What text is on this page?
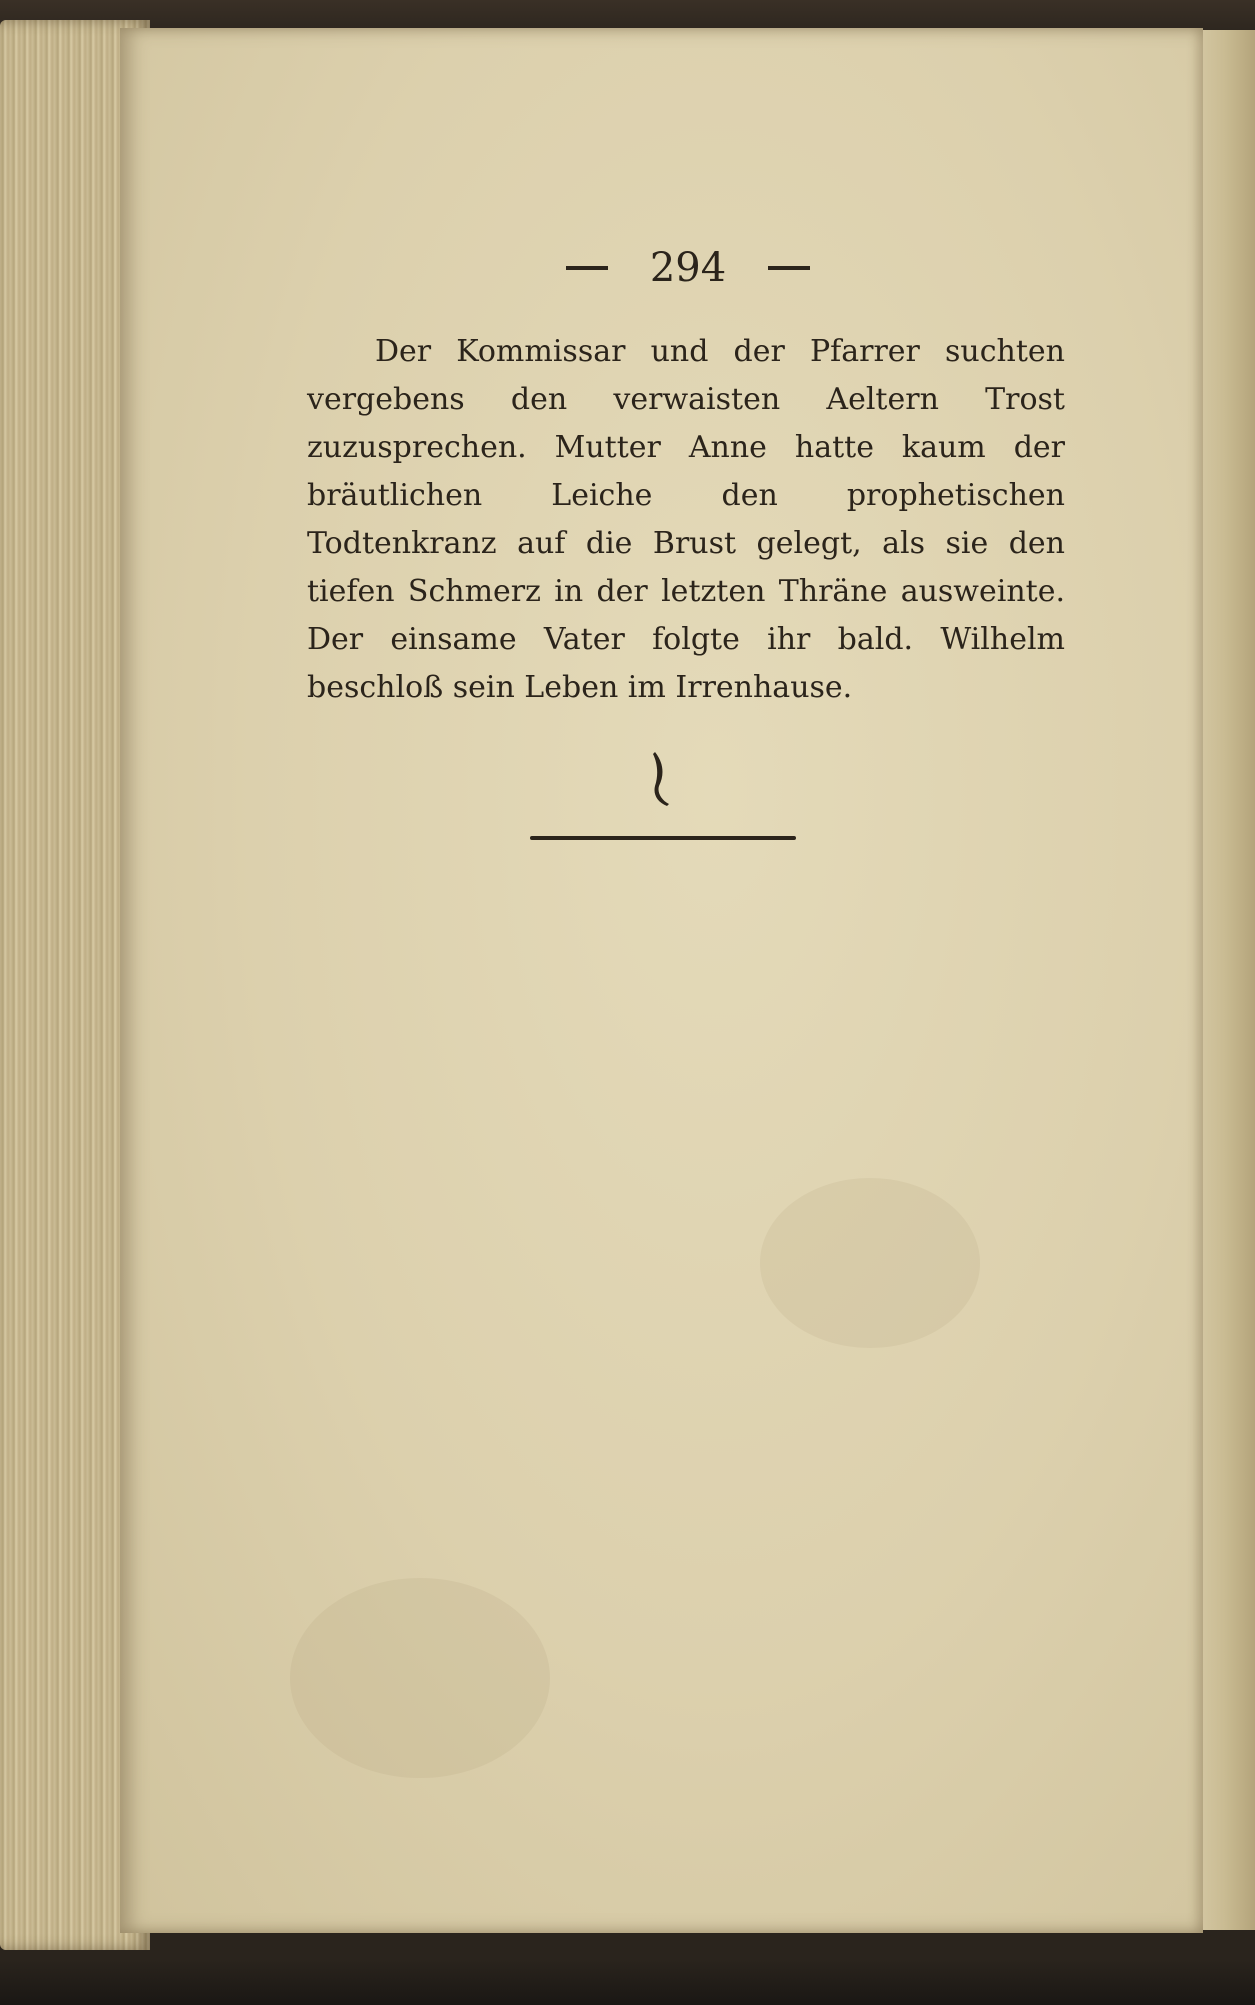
294
Der Kommissar und der Pfarrer suchten vergebens den verwaisten Aeltern Trost zuzusprechen. Mutter Anne hatte kaum der bräutlichen Leiche den prophetischen Todtenkranz auf die Brust gelegt, als sie den tiefen Schmerz in der letzten Thräne ausweinte. Der einsame Vater folgte ihr bald. Wilhelm beschloß sein Leben im Irrenhause.
